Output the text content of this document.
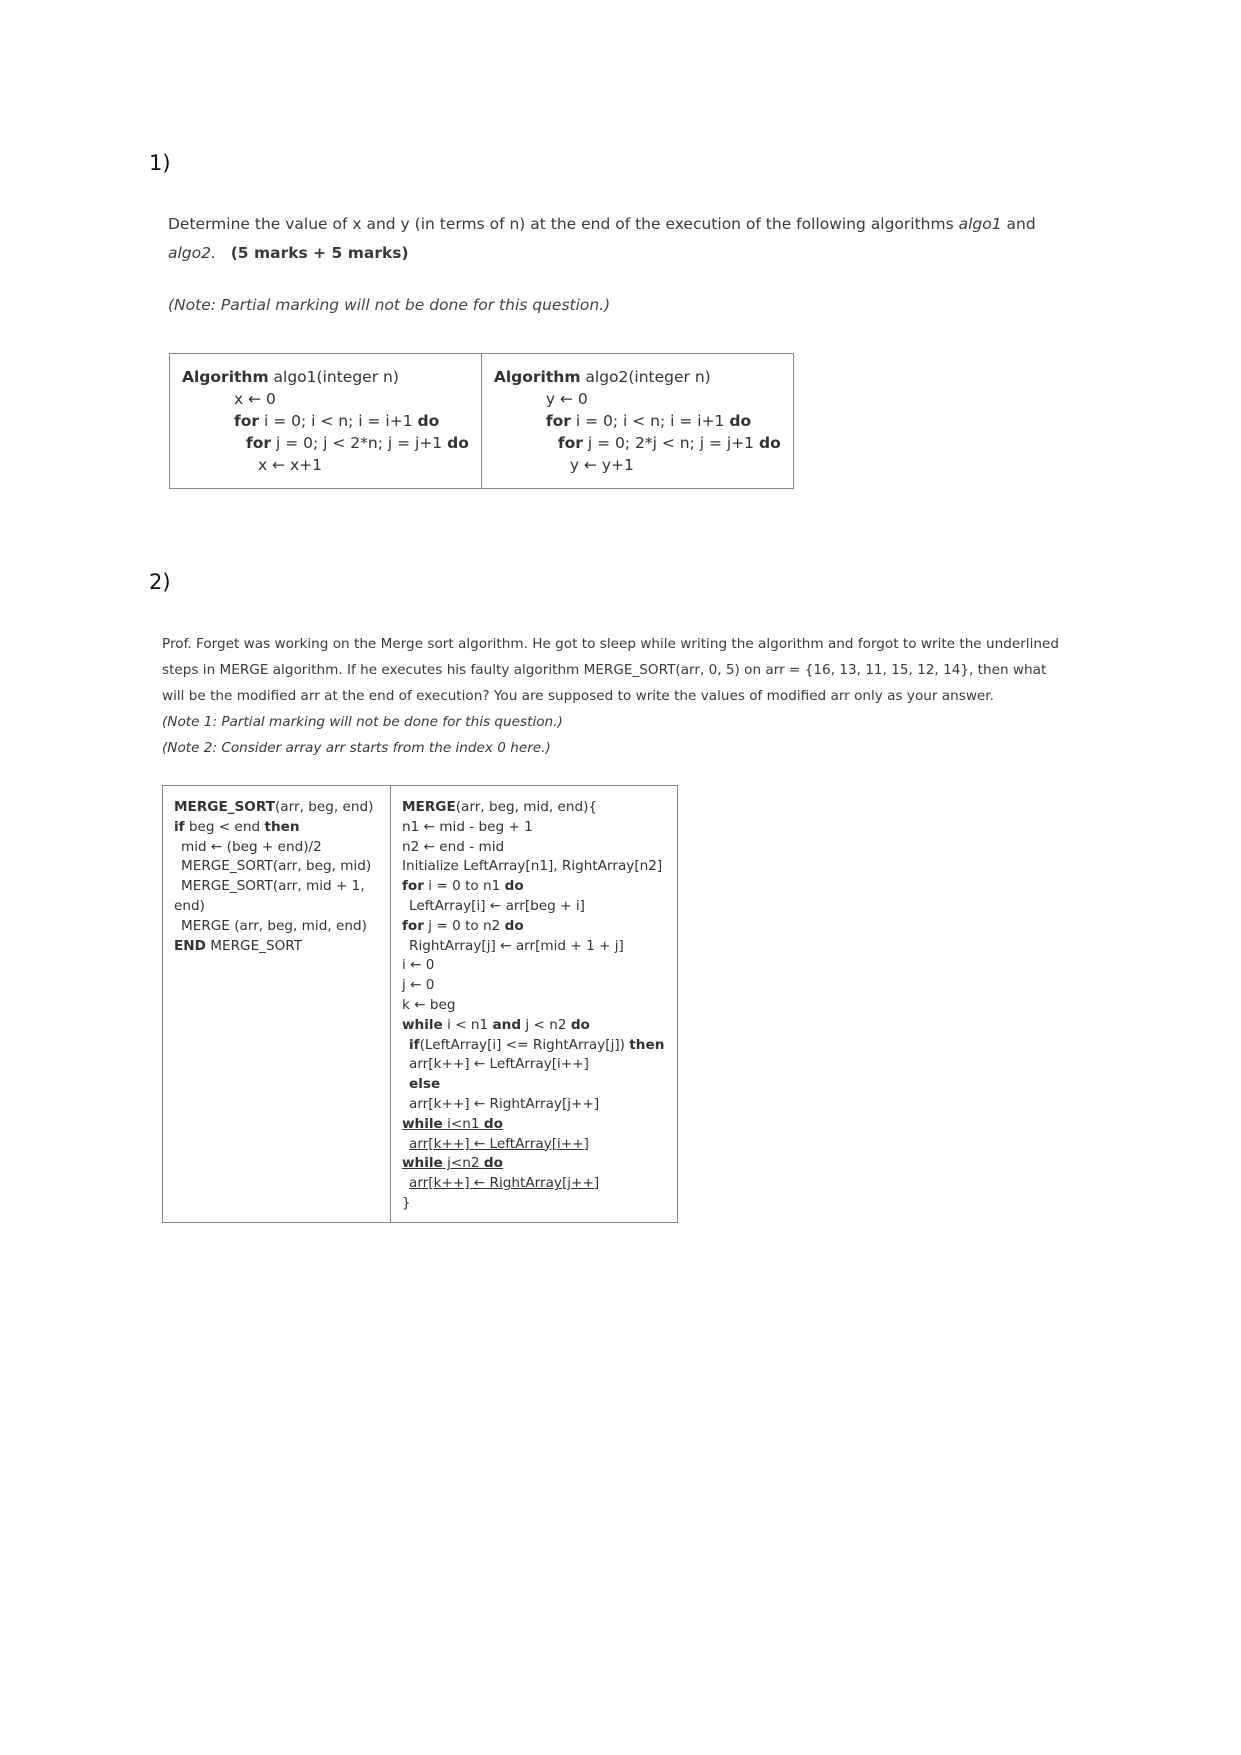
1)
Determine the value of x and y (in terms of n) at the end of the execution of the following algorithms algo1 and algo2. (5 marks + 5 marks)
(Note: Partial marking will not be done for this question.)
Algorithm algo1(integer n)
x ← 0
for i = 0; i < n; i = i+1 do
for j = 0; j < 2*n; j = j+1 do
x ← x+1

Algorithm algo2(integer n)
y ← 0
for i = 0; i < n; i = i+1 do
for j = 0; 2*j < n; j = j+1 do
y ← y+1
2)
Prof. Forget was working on the Merge sort algorithm. He got to sleep while writing the algorithm and forgot to write the underlined steps in MERGE algorithm. If he executes his faulty algorithm MERGE_SORT(arr, 0, 5) on arr = {16, 13, 11, 15, 12, 14}, then what will be the modified arr at the end of execution? You are supposed to write the values of modified arr only as your answer.
(Note 1: Partial marking will not be done for this question.)
(Note 2: Consider array arr starts from the index 0 here.)
MERGE_SORT(arr, beg, end)
if beg < end then
mid ← (beg + end)/2
MERGE_SORT(arr, beg, mid)
MERGE_SORT(arr, mid + 1,
end)
MERGE (arr, beg, mid, end)
END MERGE_SORT

MERGE(arr, beg, mid, end){
n1 ← mid - beg + 1
n2 ← end - mid
Initialize LeftArray[n1], RightArray[n2]
for i = 0 to n1 do
LeftArray[i] ← arr[beg + i]
for j = 0 to n2 do
RightArray[j] ← arr[mid + 1 + j]
i ← 0
j ← 0
k ← beg
while i < n1 and j < n2 do
if(LeftArray[i] <= RightArray[j]) then
arr[k++] ← LeftArray[i++]
else
arr[k++] ← RightArray[j++]
while i<n1 do
arr[k++] ← LeftArray[i++]
while j<n2 do
arr[k++] ← RightArray[j++]
}
